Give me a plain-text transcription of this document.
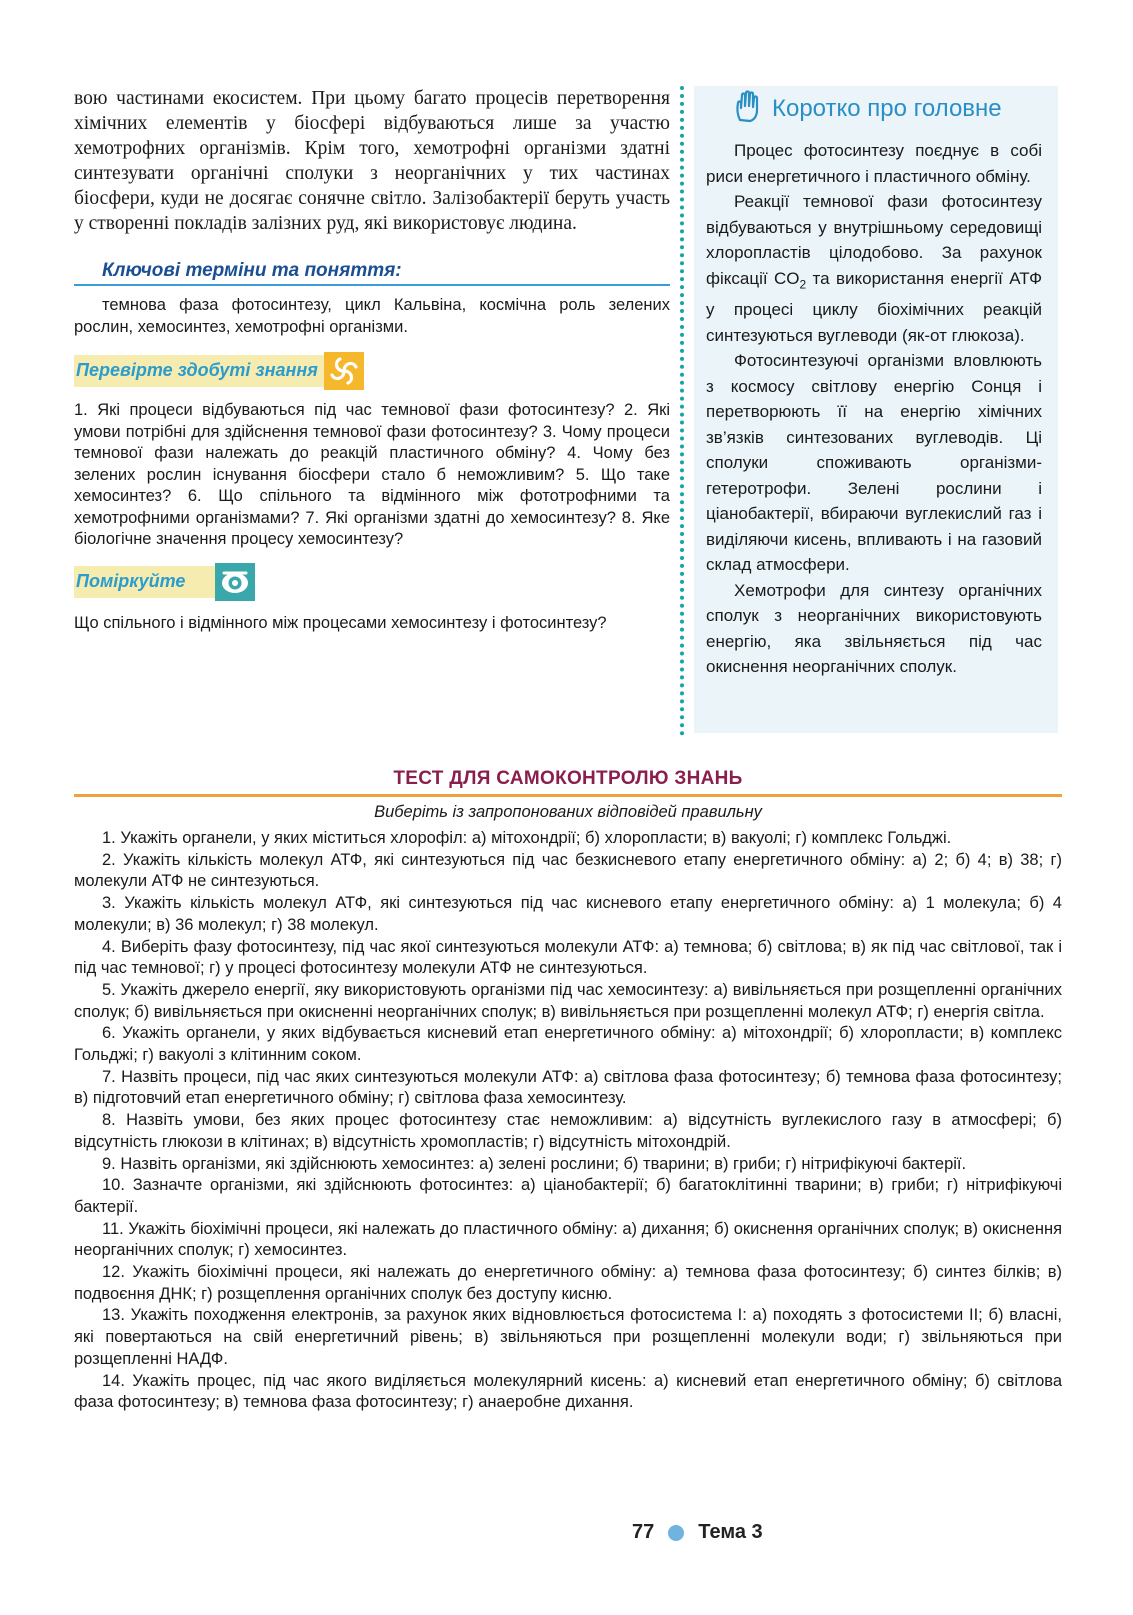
вою частинами екосистем. При цьому багато процесів перетворення хімічних елементів у біосфері відбуваються лише за участю хемотрофних організмів. Крім того, хемотрофні організми здатні синтезувати органічні сполуки з неорганічних у тих частинах біосфери, куди не досягає сонячне світло. Залізобактерії беруть участь у створенні покладів залізних руд, які використовує людина.

Ключові терміни та поняття:

темнова фаза фотосинтезу, цикл Кальвіна, космічна роль зелених рослин, хемосинтез, хемотрофні організми.

Перевірте здобуті знання

1. Які процеси відбуваються під час темнової фази фотосинтезу? 2. Які умови потрібні для здійснення темнової фази фотосинтезу? 3. Чому процеси темнової фази належать до реакцій пластичного обміну? 4. Чому без зелених рослин існування біосфери стало б неможливим? 5. Що таке хемосинтез? 6. Що спільного та відмінного між фототрофними та хемотрофними організмами? 7. Які організми здатні до хемосинтезу? 8. Яке біологічне значення процесу хемосинтезу?

Поміркуйте

Що спільного і відмінного між процесами хемосинтезу і фотосинтезу?

Коротко про головне

Процес фотосинтезу поєднує в собі риси енергетичного і пластичного обміну.

Реакції темнової фази фотосинтезу відбуваються у внутрішньому середовищі хлоропластів цілодобово. За рахунок фіксації $CO_2$ та використання енергії АТФ у процесі циклу біохімічних реакцій синтезуються вуглеводи (як-от глюкоза).

Фотосинтезуючі організми вловлюють з космосу світлову енергію Сонця і перетворюють її на енергію хімічних зв’язків синтезованих вуглеводів. Ці сполуки споживають організми-гетеротрофи. Зелені рослини і ціанобактерії, вбираючи вуглекислий газ і виділяючи кисень, впливають і на газовий склад атмосфери.

Хемотрофи для синтезу органічних сполук з неорганічних використовують енергію, яка звільняється під час окиснення неорганічних сполук.

ТЕСТ ДЛЯ САМОКОНТРОЛЮ ЗНАНЬ
Виберіть із запропонованих відповідей правильну

1. Укажіть органели, у яких міститься хлорофіл: а) мітохондрії; б) хлоропласти; в) вакуолі; г) комплекс Гольджі.

2. Укажіть кількість молекул АТФ, які синтезуються під час безкисневого етапу енергетичного обміну: а) 2; б) 4; в) 38; г) молекули АТФ не синтезуються.

3. Укажіть кількість молекул АТФ, які синтезуються під час кисневого етапу енергетичного обміну: а) 1 молекула; б) 4 молекули; в) 36 молекул; г) 38 молекул.

4. Виберіть фазу фотосинтезу, під час якої синтезуються молекули АТФ: а) темнова; б) світлова; в) як під час світлової, так і під час темнової; г) у процесі фотосинтезу молекули АТФ не синтезуються.

5. Укажіть джерело енергії, яку використовують організми під час хемосинтезу: а) вивільняється при розщепленні органічних сполук; б) вивільняється при окисненні неорганічних сполук; в) вивільняється при розщепленні молекул АТФ; г) енергія світла.

6. Укажіть органели, у яких відбувається кисневий етап енергетичного обміну: а) мітохондрії; б) хлоропласти; в) комплекс Гольджі; г) вакуолі з клітинним соком.

7. Назвіть процеси, під час яких синтезуються молекули АТФ: а) світлова фаза фотосинтезу; б) темнова фаза фотосинтезу; в) підготовчий етап енергетичного обміну; г) світлова фаза хемосинтезу.

8. Назвіть умови, без яких процес фотосинтезу стає неможливим: а) відсутність вуглекислого газу в атмосфері; б) відсутність глюкози в клітинах; в) відсутність хромопластів; г) відсутність мітохондрій.

9. Назвіть організми, які здійснюють хемосинтез: а) зелені рослини; б) тварини; в) гриби; г) нітрифікуючі бактерії.

10. Зазначте організми, які здійснюють фотосинтез: а) ціанобактерії; б) багатоклітинні тварини; в) гриби; г) нітрифікуючі бактерії.

11. Укажіть біохімічні процеси, які належать до пластичного обміну: а) дихання; б) окиснення органічних сполук; в) окиснення неорганічних сполук; г) хемосинтез.

12. Укажіть біохімічні процеси, які належать до енергетичного обміну: а) темнова фаза фотосинтезу; б) синтез білків; в) подвоєння ДНК; г) розщеплення органічних сполук без доступу кисню.

13. Укажіть походження електронів, за рахунок яких відновлюється фотосистема I: а) походять з фотосистеми II; б) власні, які повертаються на свій енергетичний рівень; в) звільняються при розщепленні молекули води; г) звільняються при розщепленні НАДФ.

14. Укажіть процес, під час якого виділяється молекулярний кисень: а) кисневий етап енергетичного обміну; б) світлова фаза фотосинтезу; в) темнова фаза фотосинтезу; г) анаеробне дихання.

77 Тема 3
